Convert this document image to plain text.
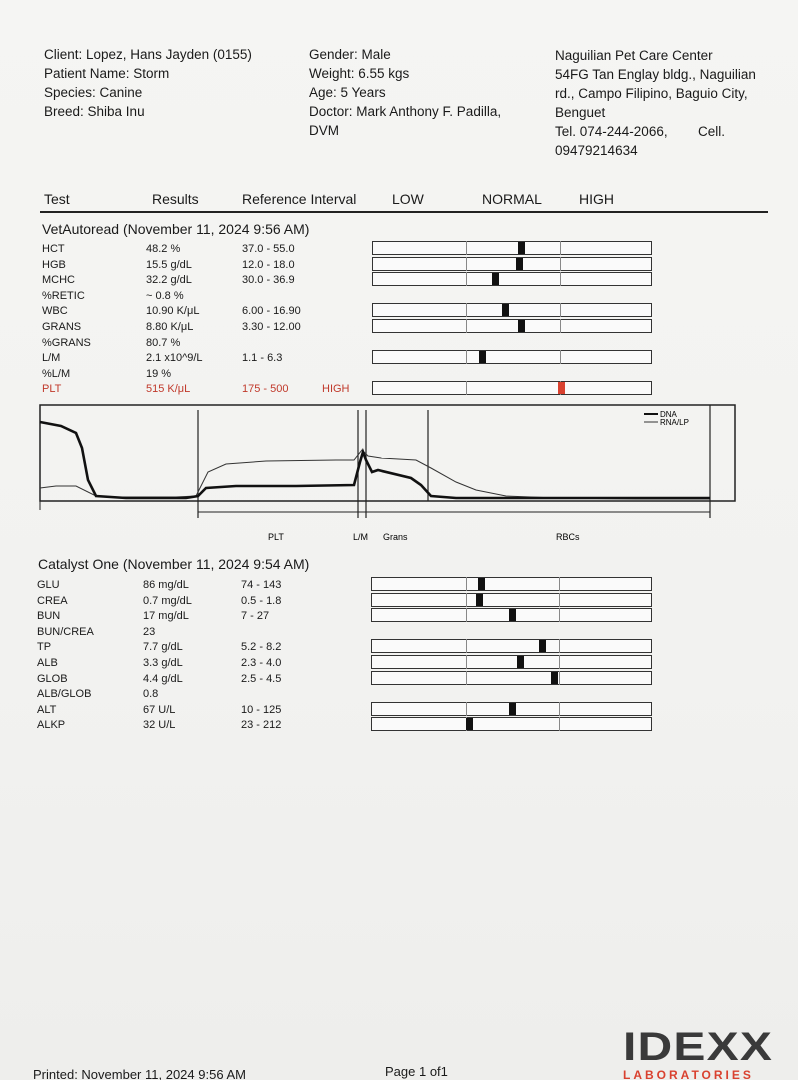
Client: Lopez, Hans Jayden (0155)
Patient Name: Storm
Species: Canine
Breed: Shiba Inu
Gender: Male
Weight: 6.55 kgs
Age: 5 Years
Doctor: Mark Anthony F. Padilla,
DVM
Naguilian Pet Care Center
54FG Tan Englay bldg., Naguilian
rd., Campo Filipino, Baguio City,
Benguet
Tel. 074-244-2066, Cell.
09479214634
Test	Results	Reference Interval	LOW	NORMAL	HIGH
VetAutoread (November 11, 2024 9:56 AM)
HCT	48.2 %	37.0 - 55.0
HGB	15.5 g/dL	12.0 - 18.0
MCHC	32.2 g/dL	30.0 - 36.9
%RETIC	~ 0.8 %
WBC	10.90 K/μL	6.00 - 16.90
GRANS	8.80 K/μL	3.30 - 12.00
%GRANS	80.7 %
L/M	2.1 x10^9/L	1.1 - 6.3
%L/M	19 %
PLT	515 K/μL	175 - 500	HIGH
DNA
RNA/LP
PLT	L/M Grans	RBCs
Catalyst One (November 11, 2024 9:54 AM)
GLU	86 mg/dL	74 - 143
CREA	0.7 mg/dL	0.5 - 1.8
BUN	17 mg/dL	7 - 27
BUN/CREA	23
TP	7.7 g/dL	5.2 - 8.2
ALB	3.3 g/dL	2.3 - 4.0
GLOB	4.4 g/dL	2.5 - 4.5
ALB/GLOB	0.8
ALT	67 U/L	10 - 125
ALKP	32 U/L	23 - 212
Printed: November 11, 2024 9:56 AM	Page 1 of1
IDEXX
LABORATORIES
